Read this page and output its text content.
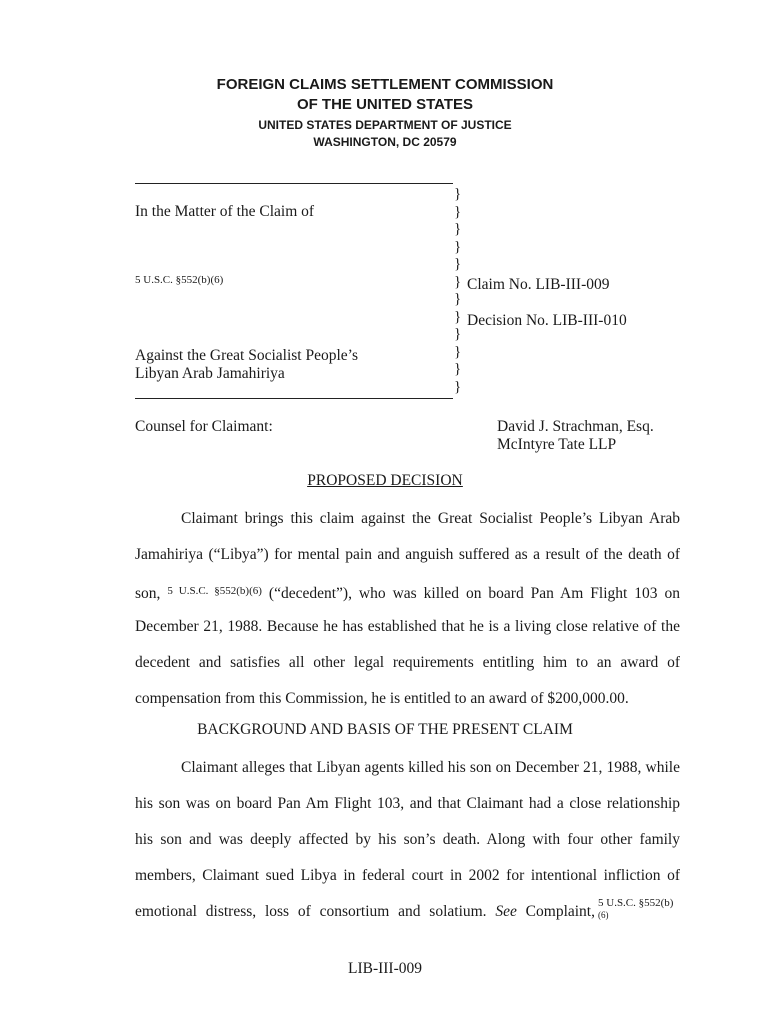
FOREIGN CLAIMS SETTLEMENT COMMISSION
OF THE UNITED STATES
UNITED STATES DEPARTMENT OF JUSTICE
WASHINGTON, DC 20579
}
}
}
}
}
}
}
}
}
}
}
}
In the Matter of the Claim of
5 U.S.C. §552(b)(6)	Claim No. LIB-III-009
Decision No. LIB-III-010
Against the Great Socialist People’s
Libyan Arab Jamahiriya
Counsel for Claimant:	David J. Strachman, Esq.
McIntyre Tate LLP
PROPOSED DECISION
Claimant brings this claim against the Great Socialist People’s Libyan Arab
Jamahiriya (“Libya”) for mental pain and anguish suffered as a result of the death of
son, $^{5 U.S.C. \S 552(b)(6)}$ (“decedent”), who was killed on board Pan Am Flight 103 on
December 21, 1988. Because he has established that he is a living close relative of the
decedent and satisfies all other legal requirements entitling him to an award of
compensation from this Commission, he is entitled to an award of $200,000.00.
BACKGROUND AND BASIS OF THE PRESENT CLAIM
Claimant alleges that Libyan agents killed his son on December 21, 1988, while
his son was on board Pan Am Flight 103, and that Claimant had a close relationship
his son and was deeply affected by his son’s death. Along with four other family
members, Claimant sued Libya in federal court in 2002 for intentional infliction of
emotional distress, loss of consortium and solatium. See Complaint, 5 U.S.C. §552(b)
(6)
LIB-III-009
